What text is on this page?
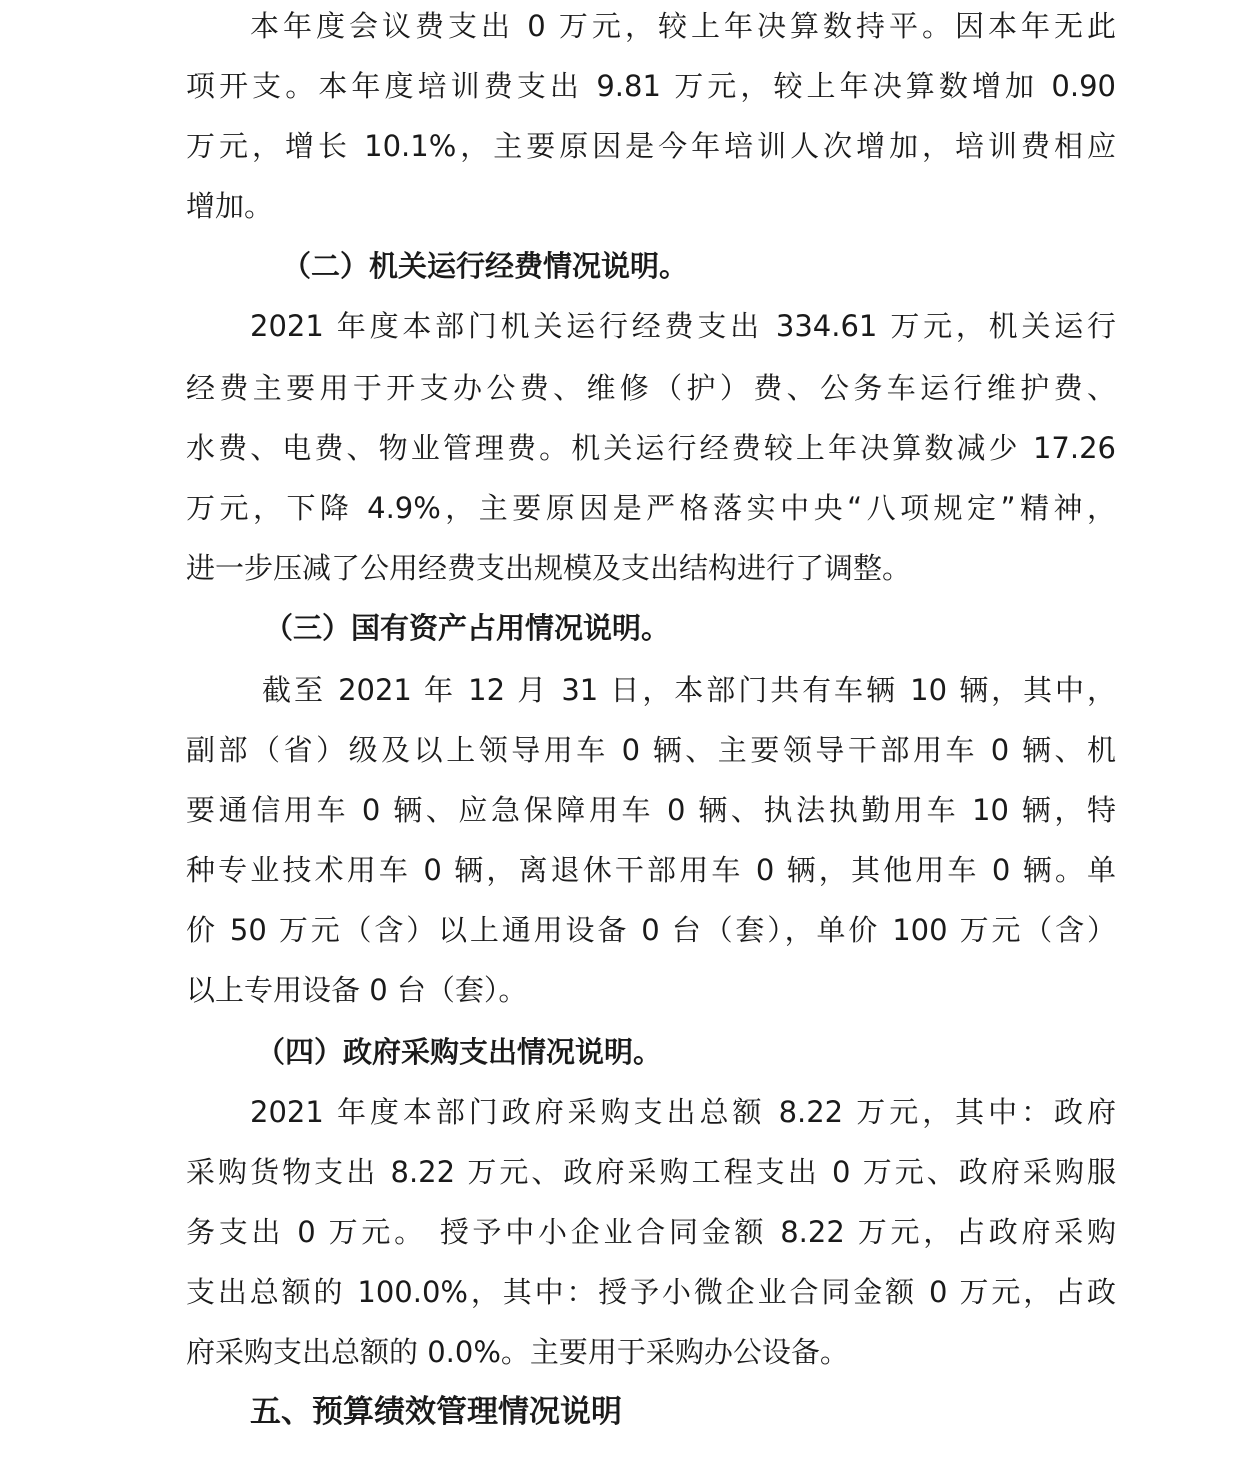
本年度会议费支出 0 万元，较上年决算数持平。因本年无此
项开支。本年度培训费支出 9.81 万元，较上年决算数增加 0.90
万元，增长 10.1%，主要原因是今年培训人次增加，培训费相应
增加。
（二）机关运行经费情况说明。
2021 年度本部门机关运行经费支出 334.61 万元，机关运行
经费主要用于开支办公费、维修（护）费、公务车运行维护费、
水费、电费、物业管理费。机关运行经费较上年决算数减少 17.26
万元，下降 4.9%，主要原因是严格落实中央“八项规定”精神，
进一步压减了公用经费支出规模及支出结构进行了调整。
（三）国有资产占用情况说明。
截至 2021 年 12 月 31 日，本部门共有车辆 10 辆，其中，
副部（省）级及以上领导用车 0 辆、主要领导干部用车 0 辆、机
要通信用车 0 辆、应急保障用车 0 辆、执法执勤用车 10 辆，特
种专业技术用车 0 辆，离退休干部用车 0 辆，其他用车 0 辆。单
价 50 万元（含）以上通用设备 0 台（套），单价 100 万元（含）
以上专用设备 0 台（套）。
（四）政府采购支出情况说明。
2021 年度本部门政府采购支出总额 8.22 万元，其中：政府
采购货物支出 8.22 万元、政府采购工程支出 0 万元、政府采购服
务支出 0 万元。 授予中小企业合同金额 8.22 万元，占政府采购
支出总额的 100.0%，其中：授予小微企业合同金额 0 万元，占政
府采购支出总额的 0.0%。主要用于采购办公设备。
五、预算绩效管理情况说明
